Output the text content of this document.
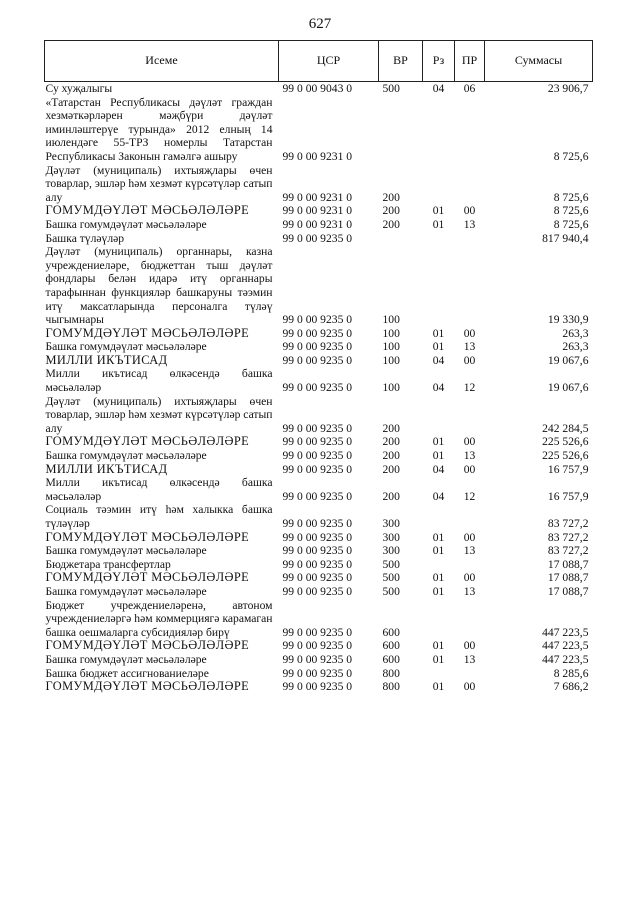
627
Исеме	ЦСР	ВР	Рз	ПР	Суммасы
Су хуҗалыгы	99 0 00 9043 0	500	04	06	23 906,7
«Татарстан Республикасы дәүләт граждан хезмәткәрләрен мәҗбүри дәүләт иминләштерүе турында» 2012 елның 14 июлендәге 55-ТРЗ номерлы Татарстан Республикасы Законын гамәлгә ашыру	99 0 00 9231 0				8 725,6
Дәүләт (муниципаль) ихтыяҗлары өчен товарлар, эшләр һәм хезмәт күрсәтүләр сатып алу	99 0 00 9231 0	200			8 725,6
ГОМУМДӘҮЛӘТ МӘСЬӘЛӘЛӘРЕ	99 0 00 9231 0	200	01	00	8 725,6
Башка гомумдәүләт мәсьәләләре	99 0 00 9231 0	200	01	13	8 725,6
Башка түләүләр	99 0 00 9235 0				817 940,4
Дәүләт (муниципаль) органнары, казна учреждениеләре, бюджеттан тыш дәүләт фондлары белән идарә итү органнары тарафыннан функцияләр башкаруны тәэмин итү максатларында персоналга түләү чыгымнары	99 0 00 9235 0	100			19 330,9
ГОМУМДӘҮЛӘТ МӘСЬӘЛӘЛӘРЕ	99 0 00 9235 0	100	01	00	263,3
Башка гомумдәүләт мәсьәләләре	99 0 00 9235 0	100	01	13	263,3
МИЛЛИ ИКЪТИСАД	99 0 00 9235 0	100	04	00	19 067,6
Милли икътисад өлкәсендә башка мәсьәләләр	99 0 00 9235 0	100	04	12	19 067,6
Дәүләт (муниципаль) ихтыяҗлары өчен товарлар, эшләр һәм хезмәт күрсәтүләр сатып алу	99 0 00 9235 0	200			242 284,5
ГОМУМДӘҮЛӘТ МӘСЬӘЛӘЛӘРЕ	99 0 00 9235 0	200	01	00	225 526,6
Башка гомумдәүләт мәсьәләләре	99 0 00 9235 0	200	01	13	225 526,6
МИЛЛИ ИКЪТИСАД	99 0 00 9235 0	200	04	00	16 757,9
Милли икътисад өлкәсендә башка мәсьәләләр	99 0 00 9235 0	200	04	12	16 757,9
Социаль тәэмин итү һәм халыкка башка түләүләр	99 0 00 9235 0	300			83 727,2
ГОМУМДӘҮЛӘТ МӘСЬӘЛӘЛӘРЕ	99 0 00 9235 0	300	01	00	83 727,2
Башка гомумдәүләт мәсьәләләре	99 0 00 9235 0	300	01	13	83 727,2
Бюджетара трансфертлар	99 0 00 9235 0	500			17 088,7
ГОМУМДӘҮЛӘТ МӘСЬӘЛӘЛӘРЕ	99 0 00 9235 0	500	01	00	17 088,7
Башка гомумдәүләт мәсьәләләре	99 0 00 9235 0	500	01	13	17 088,7
Бюджет учреждениеләренә, автоном учреждениеләргә һәм коммерциягә карамаган башка оешмаларга субсидияләр бирү	99 0 00 9235 0	600			447 223,5
ГОМУМДӘҮЛӘТ МӘСЬӘЛӘЛӘРЕ	99 0 00 9235 0	600	01	00	447 223,5
Башка гомумдәүләт мәсьәләләре	99 0 00 9235 0	600	01	13	447 223,5
Башка бюджет ассигнованиеләре	99 0 00 9235 0	800			8 285,6
ГОМУМДӘҮЛӘТ МӘСЬӘЛӘЛӘРЕ	99 0 00 9235 0	800	01	00	7 686,2
